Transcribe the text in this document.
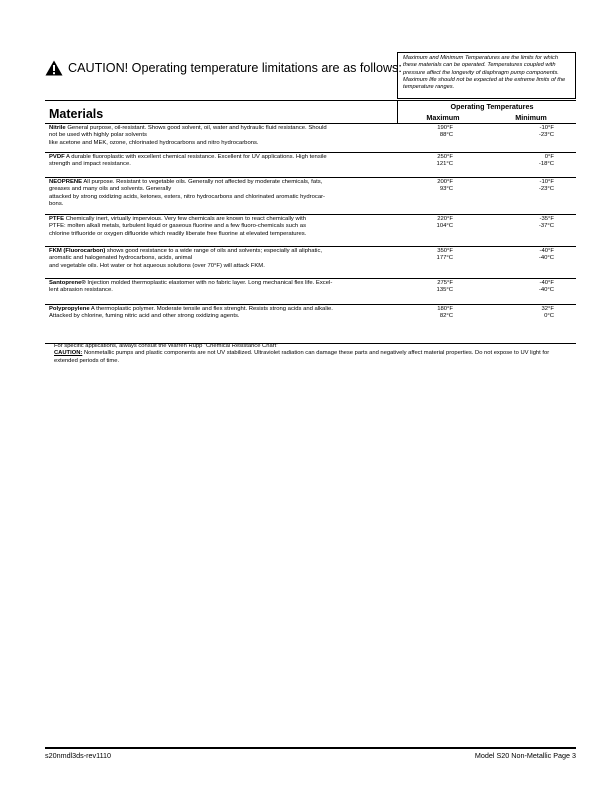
CAUTION! Operating temperature limitations are as follows:
Maximum and Minimum Temperatures are the limits for which these materials can be operated. Temperatures coupled with pressure affect the longevity of diaphragm pump components. Maximum life should not be expected at the extreme limits of the temperature ranges.
Materials
Operating Temperatures
Maximum	Minimum
Nitrile General purpose, oil-resistant. Shows good solvent, oil, water and hydraulic fluid resistance. Should
not be used with highly polar solvents
like acetone and MEK, ozone, chlorinated hydrocarbons and nitro hydrocarbons.
190°F
88°C
-10°F
-23°C
PVDF A durable fluoroplastic with excellent chemical resistance. Excellent for UV applications. High tensile
strength and impact resistance.
250°F
121°C
0°F
-18°C
NEOPRENE All purpose. Resistant to vegetable oils. Generally not affected by moderate chemicals, fats,
greases and many oils and solvents. Generally
attacked by strong oxidizing acids, ketones, esters, nitro hydrocarbons and chlorinated aromatic hydrocar-
bons.
200°F
93°C
-10°F
-23°C
PTFE Chemically inert, virtually impervious. Very few chemicals are known to react chemically with
PTFE: molten alkali metals, turbulent liquid or gaseous fluorine and a few fluoro-chemicals such as
chlorine trifluoride or oxygen difluoride which readily liberate free fluorine at elevated temperatures.
220°F
104°C
-35°F
-37°C
FKM (Fluorocarbon) shows good resistance to a wide range of oils and solvents; especially all aliphatic,
aromatic and halogenated hydrocarbons, acids, animal
and vegetable oils. Hot water or hot aqueous solutions (over 70°F) will attack FKM.
350°F
177°C
-40°F
-40°C
Santoprene® Injection molded thermoplastic elastomer with no fabric layer. Long mechanical flex life. Excel-
lent abrasion resistance.
275°F
135°C
-40°F
-40°C
Polypropylene A thermoplastic polymer. Moderate tensile and flex strenght. Resists strong acids and alkalie.
Attacked by chlorine, fuming nitric acid and other strong oxidizing agents.
180°F
82°C
32°F
0°C
For specific applications, always consult the Warren Rupp "Chemical Resistance Chart"
CAUTION: Nonmetallic pumps and plastic components are not UV stabilized. Ultraviolet radiation can damage these parts and negatively affect material properties. Do not expose to UV light for extended periods of time.
s20nmdl3ds-rev1110	Model S20 Non-Metallic Page 3
